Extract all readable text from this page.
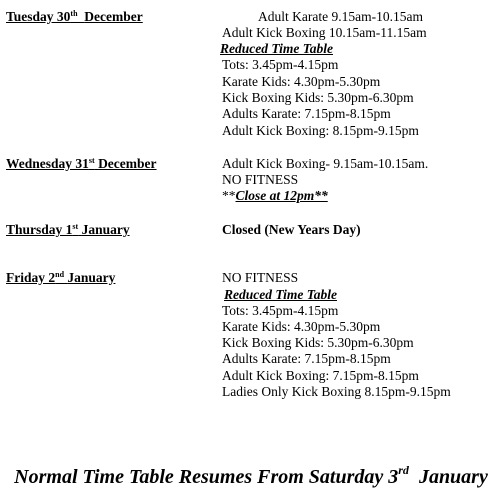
Tuesday 30th December	Adult Karate 9.15am-10.15am
Adult Kick Boxing 10.15am-11.15am
Reduced Time Table
Tots: 3.45pm-4.15pm
Karate Kids: 4.30pm-5.30pm
Kick Boxing Kids: 5.30pm-6.30pm
Adults Karate: 7.15pm-8.15pm
Adult Kick Boxing: 8.15pm-9.15pm
Wednesday 31st December	Adult Kick Boxing- 9.15am-10.15am.
NO FITNESS
**Close at 12pm**
Thursday 1st January	Closed (New Years Day)
Friday 2nd January	NO FITNESS
Reduced Time Table
Tots: 3.45pm-4.15pm
Karate Kids: 4.30pm-5.30pm
Kick Boxing Kids: 5.30pm-6.30pm
Adults Karate: 7.15pm-8.15pm
Adult Kick Boxing: 7.15pm-8.15pm
Ladies Only Kick Boxing 8.15pm-9.15pm
Normal Time Table Resumes From Saturday 3rd January
